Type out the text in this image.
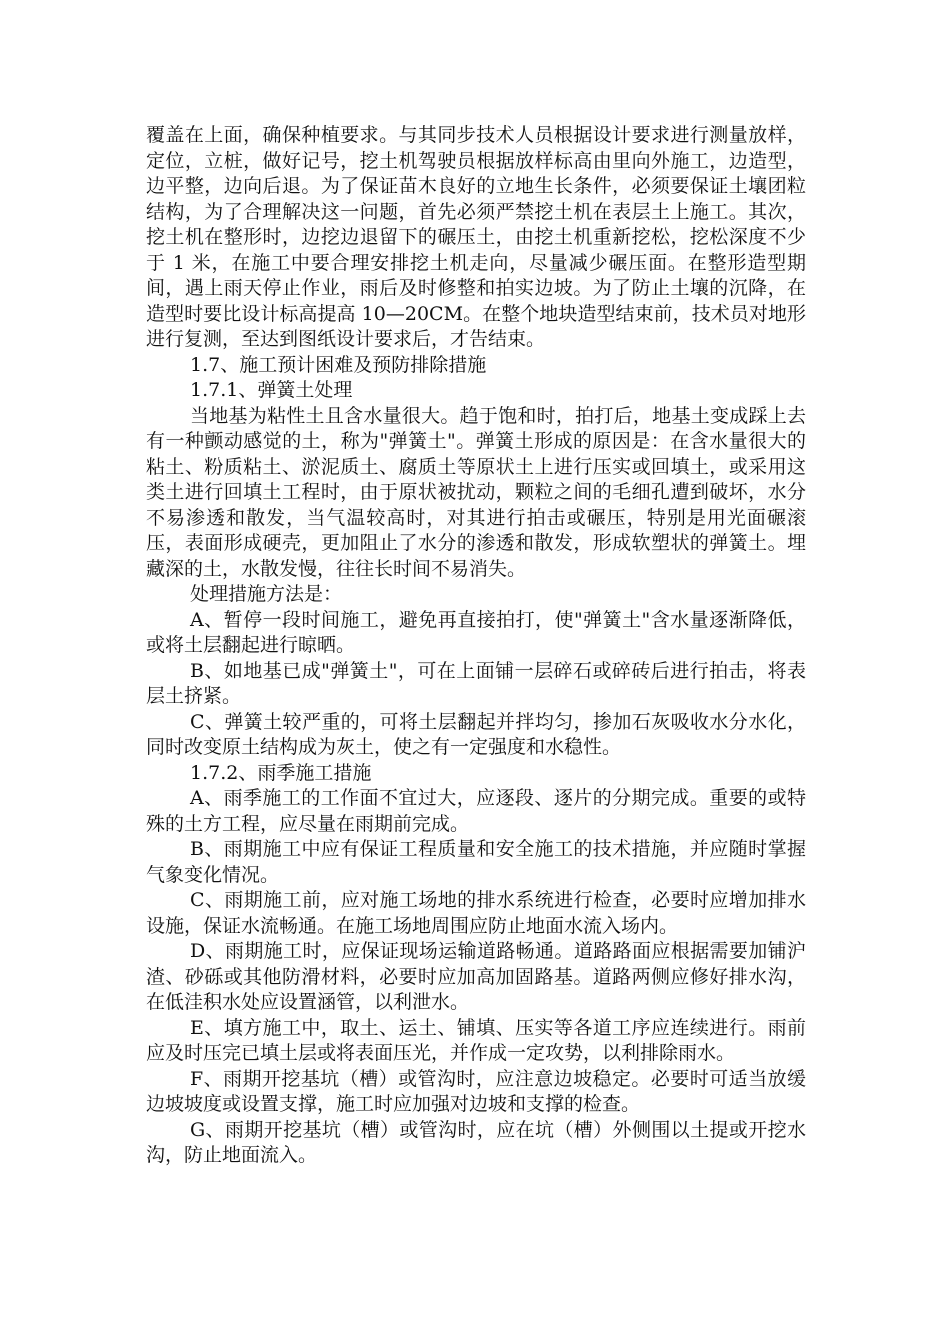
覆盖在上面，确保种植要求。与其同步技术人员根据设计要求进行测量放样，定位，立桩，做好记号，挖土机驾驶员根据放样标高由里向外施工，边造型，边平整，边向后退。为了保证苗木良好的立地生长条件，必须要保证土壤团粒结构，为了合理解决这一问题，首先必须严禁挖土机在表层土上施工。其次，挖土机在整形时，边挖边退留下的碾压土，由挖土机重新挖松，挖松深度不少于 1 米，在施工中要合理安排挖土机走向，尽量减少碾压面。在整形造型期间，遇上雨天停止作业，雨后及时修整和拍实边坡。为了防止土壤的沉降，在造型时要比设计标高提高 10—20CM。在整个地块造型结束前，技术员对地形进行复测，至达到图纸设计要求后，才告结束。

1.7、施工预计困难及预防排除措施

1.7.1、弹簧土处理

当地基为粘性土且含水量很大。趋于饱和时，拍打后，地基土变成踩上去有一种颤动感觉的土，称为"弹簧土"。弹簧土形成的原因是：在含水量很大的粘土、粉质粘土、淤泥质土、腐质土等原状土上进行压实或回填土，或采用这类土进行回填土工程时，由于原状被扰动，颗粒之间的毛细孔遭到破坏，水分不易渗透和散发，当气温较高时，对其进行拍击或碾压，特别是用光面碾滚压，表面形成硬壳，更加阻止了水分的渗透和散发，形成软塑状的弹簧土。埋藏深的土，水散发慢，往往长时间不易消失。

处理措施方法是：

A、暂停一段时间施工，避免再直接拍打，使"弹簧土"含水量逐渐降低，或将土层翻起进行晾晒。

B、如地基已成"弹簧土"，可在上面铺一层碎石或碎砖后进行拍击，将表层土挤紧。

C、弹簧土较严重的，可将土层翻起并拌均匀，掺加石灰吸收水分水化，同时改变原土结构成为灰土，使之有一定强度和水稳性。

1.7.2、雨季施工措施

A、雨季施工的工作面不宜过大，应逐段、逐片的分期完成。重要的或特殊的土方工程，应尽量在雨期前完成。

B、雨期施工中应有保证工程质量和安全施工的技术措施，并应随时掌握气象变化情况。

C、雨期施工前，应对施工场地的排水系统进行检查，必要时应增加排水设施，保证水流畅通。在施工场地周围应防止地面水流入场内。

D、雨期施工时，应保证现场运输道路畅通。道路路面应根据需要加铺沪渣、砂砾或其他防滑材料，必要时应加高加固路基。道路两侧应修好排水沟，在低洼积水处应设置涵管，以利泄水。

E、填方施工中，取土、运土、铺填、压实等各道工序应连续进行。雨前应及时压完已填土层或将表面压光，并作成一定攻势，以利排除雨水。

F、雨期开挖基坑（槽）或管沟时，应注意边坡稳定。必要时可适当放缓边坡坡度或设置支撑，施工时应加强对边坡和支撑的检查。

G、雨期开挖基坑（槽）或管沟时，应在坑（槽）外侧围以土提或开挖水沟，防止地面流入。
